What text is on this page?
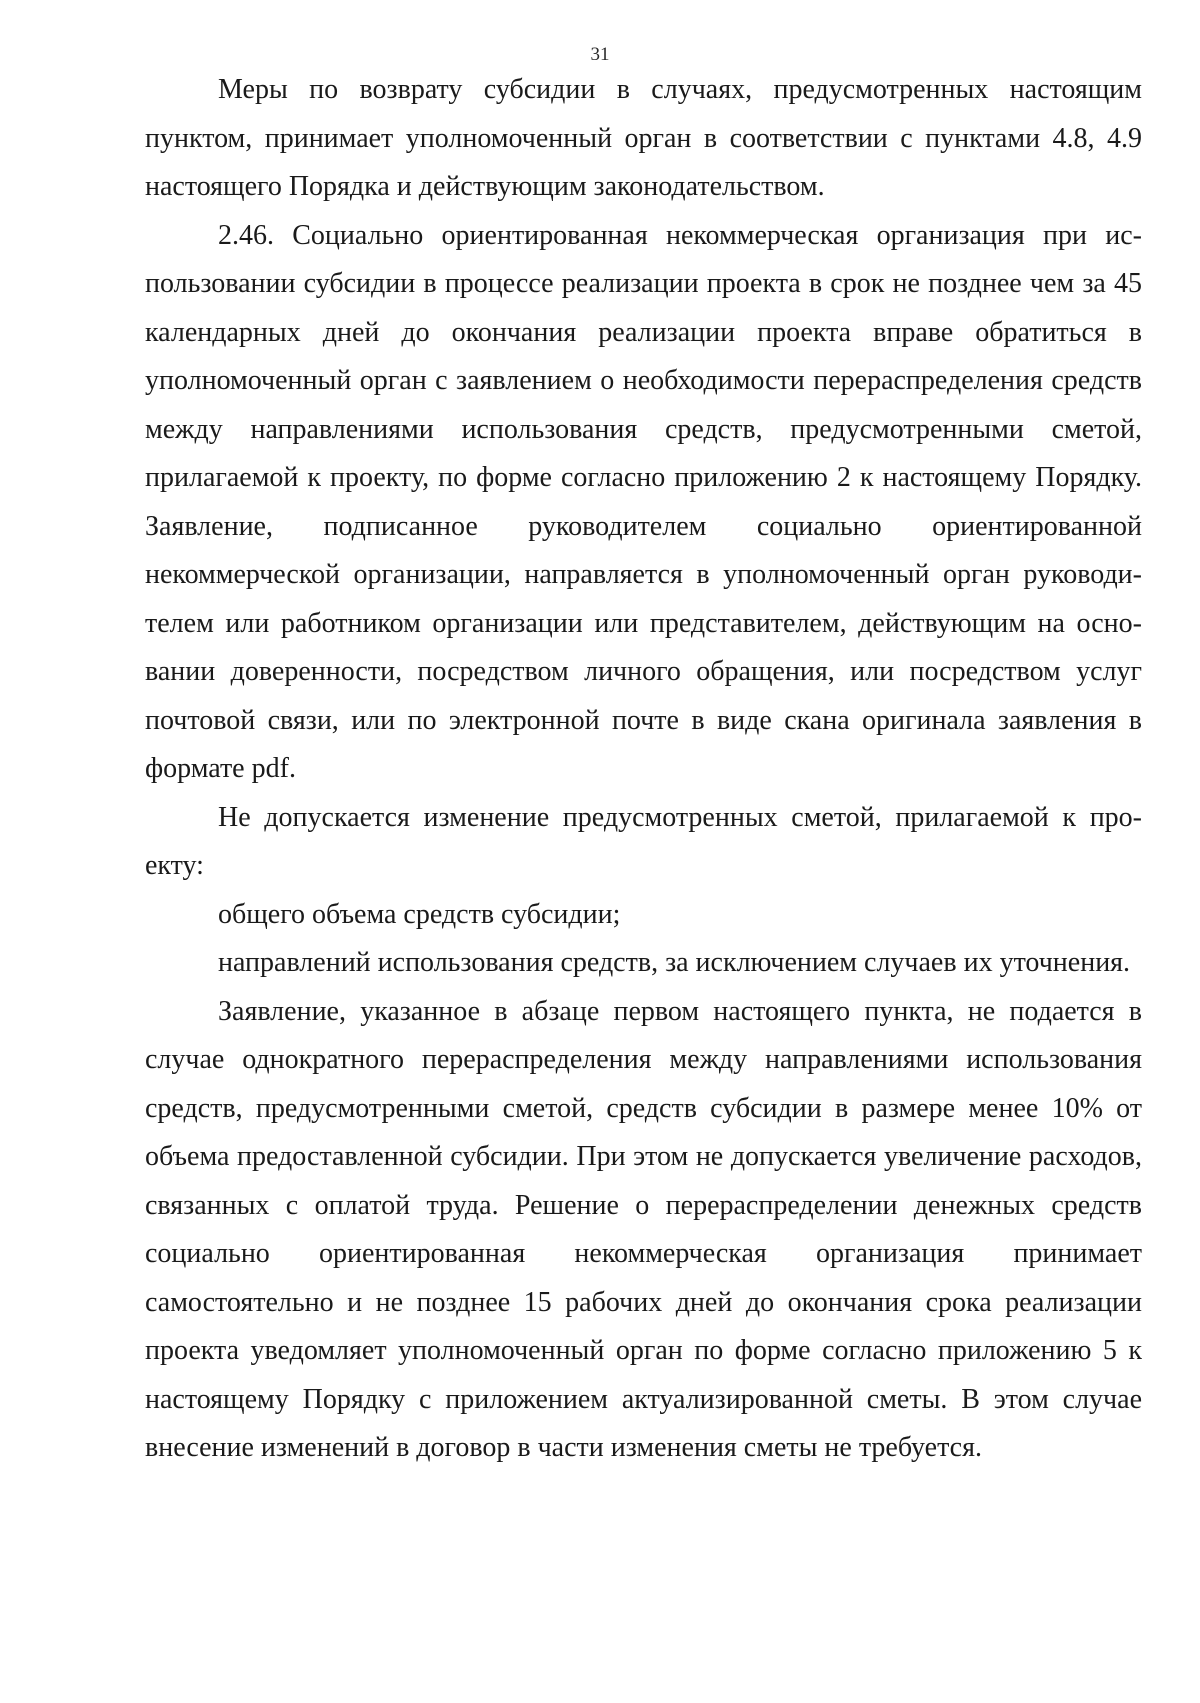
31

Меры по возврату субсидии в случаях, предусмотренных настоящим пунктом, принимает уполномоченный орган в соответствии с пунктами 4.8, 4.9 настоящего Порядка и действующим законодательством.

2.46. Социально ориентированная некоммерческая организация при использовании субсидии в процессе реализации проекта в срок не позднее чем за 45 календарных дней до окончания реализации проекта вправе обратиться в уполномоченный орган с заявлением о необходимости перераспределения средств между направлениями использования средств, предусмотренными сметой, прилагаемой к проекту, по форме согласно приложению 2 к настоящему Порядку. Заявление, подписанное руководителем социально ориентированной некоммерческой организации, направляется в уполномоченный орган руководителем или работником организации или представителем, действующим на основании доверенности, посредством личного обращения, или посредством услуг почтовой связи, или по электронной почте в виде скана оригинала заявления в формате pdf.

Не допускается изменение предусмотренных сметой, прилагаемой к проекту:

общего объема средств субсидии;

направлений использования средств, за исключением случаев их уточнения.

Заявление, указанное в абзаце первом настоящего пункта, не подается в случае однократного перераспределения между направлениями использования средств, предусмотренными сметой, средств субсидии в размере менее 10% от объема предоставленной субсидии. При этом не допускается увеличение расходов, связанных с оплатой труда. Решение о перераспределении денежных средств социально ориентированная некоммерческая организация принимает самостоятельно и не позднее 15 рабочих дней до окончания срока реализации проекта уведомляет уполномоченный орган по форме согласно приложению 5 к настоящему Порядку с приложением актуализированной сметы. В этом случае внесение изменений в договор в части изменения сметы не требуется.
